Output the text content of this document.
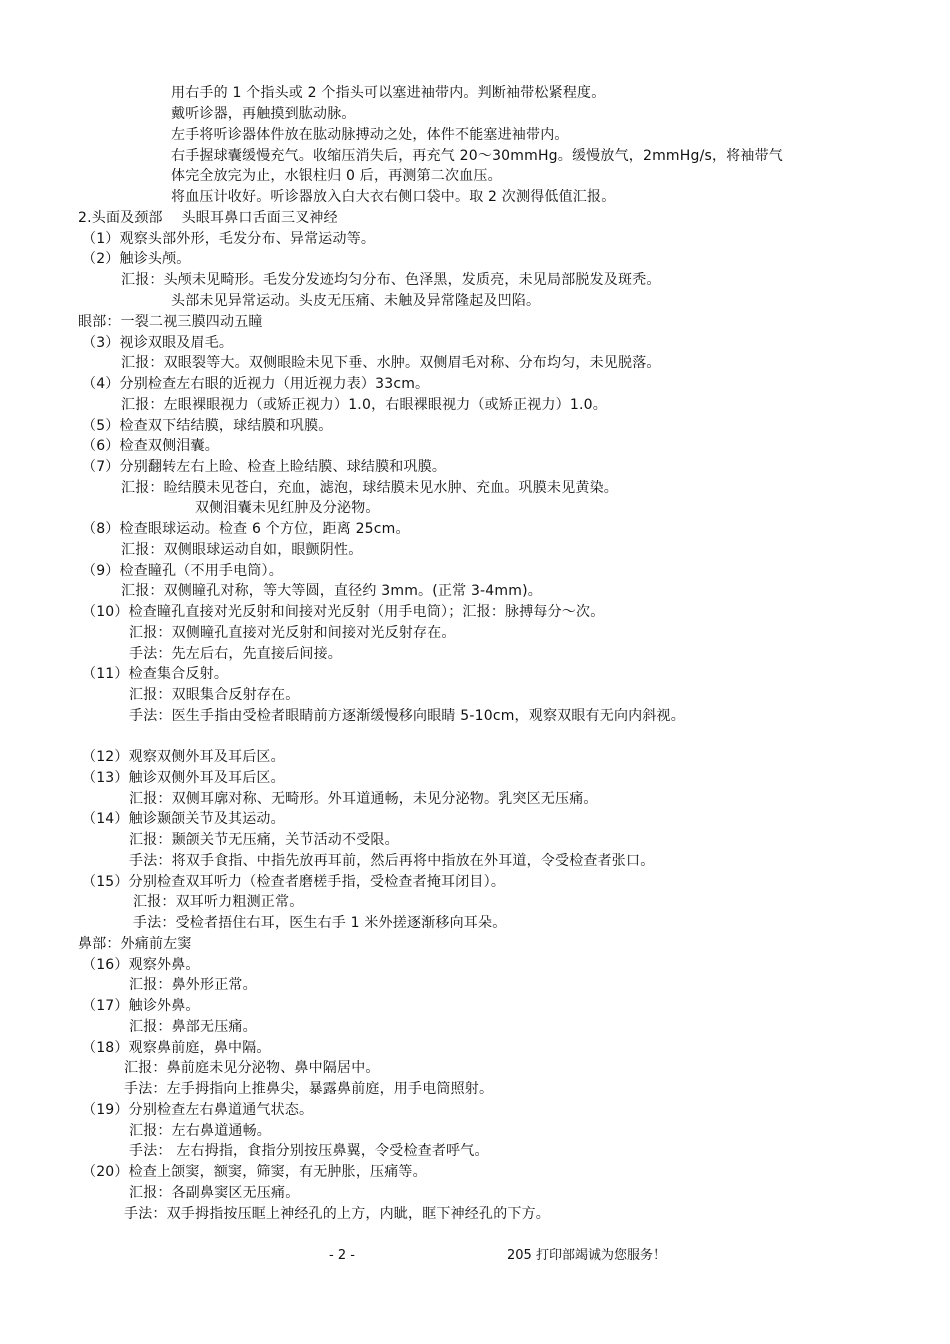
用右手的 1 个指头或 2 个指头可以塞进袖带内。判断袖带松紧程度。
戴听诊器，再触摸到肱动脉。
左手将听诊器体件放在肱动脉搏动之处，体件不能塞进袖带内。
右手握球囊缓慢充气。收缩压消失后，再充气 20～30mmHg。缓慢放气，2mmHg/s，将袖带气
体完全放完为止，水银柱归 0 后，再测第二次血压。
将血压计收好。听诊器放入白大衣右侧口袋中。取 2 次测得低值汇报。
2.头面及颈部　 头眼耳鼻口舌面三叉神经
（1）观察头部外形，毛发分布、异常运动等。
（2）触诊头颅。
汇报：头颅未见畸形。毛发分发迹均匀分布、色泽黑，发质亮，未见局部脱发及斑秃。
头部未见异常运动。头皮无压痛、未触及异常隆起及凹陷。
眼部：一裂二视三膜四动五瞳
（3）视诊双眼及眉毛。
汇报：双眼裂等大。双侧眼睑未见下垂、水肿。双侧眉毛对称、分布均匀，未见脱落。
（4）分别检查左右眼的近视力（用近视力表）33cm。
汇报：左眼裸眼视力（或矫正视力）1.0，右眼裸眼视力（或矫正视力）1.0。
（5）检查双下结结膜，球结膜和巩膜。
（6）检查双侧泪囊。
（7）分别翻转左右上睑、检查上睑结膜、球结膜和巩膜。
汇报：睑结膜未见苍白，充血，滤泡，球结膜未见水肿、充血。巩膜未见黄染。
双侧泪囊未见红肿及分泌物。
（8）检查眼球运动。检查 6 个方位，距离 25cm。
汇报：双侧眼球运动自如，眼颤阴性。
（9）检查瞳孔（不用手电筒）。
汇报：双侧瞳孔对称，等大等圆，直径约 3mm。(正常 3-4mm)。
（10）检查瞳孔直接对光反射和间接对光反射（用手电筒）；汇报：脉搏每分～次。
汇报：双侧瞳孔直接对光反射和间接对光反射存在。
手法：先左后右，先直接后间接。
（11）检查集合反射。
汇报：双眼集合反射存在。
手法：医生手指由受检者眼睛前方逐渐缓慢移向眼睛 5-10cm，观察双眼有无向内斜视。
（12）观察双侧外耳及耳后区。
（13）触诊双侧外耳及耳后区。
汇报：双侧耳廓对称、无畸形。外耳道通畅，未见分泌物。乳突区无压痛。
（14）触诊颞颌关节及其运动。
汇报：颞颌关节无压痛，关节活动不受限。
手法：将双手食指、中指先放再耳前，然后再将中指放在外耳道，令受检查者张口。
（15）分别检查双耳听力（检查者磨槎手指，受检查者掩耳闭目）。
汇报：双耳听力粗测正常。
手法：受检者捂住右耳，医生右手 1 米外搓逐渐移向耳朵。
鼻部：外痛前左窦
（16）观察外鼻。
汇报：鼻外形正常。
（17）触诊外鼻。
汇报：鼻部无压痛。
（18）观察鼻前庭，鼻中隔。
汇报：鼻前庭未见分泌物、鼻中隔居中。
手法：左手拇指向上推鼻尖，暴露鼻前庭，用手电筒照射。
（19）分别检查左右鼻道通气状态。
汇报：左右鼻道通畅。
手法： 左右拇指，食指分别按压鼻翼，令受检查者呼气。
（20）检查上颌窦，额窦，筛窦，有无肿胀，压痛等。
汇报：各副鼻窦区无压痛。
手法：双手拇指按压眶上神经孔的上方，内眦，眶下神经孔的下方。
- 2 -	205 打印部竭诚为您服务！
